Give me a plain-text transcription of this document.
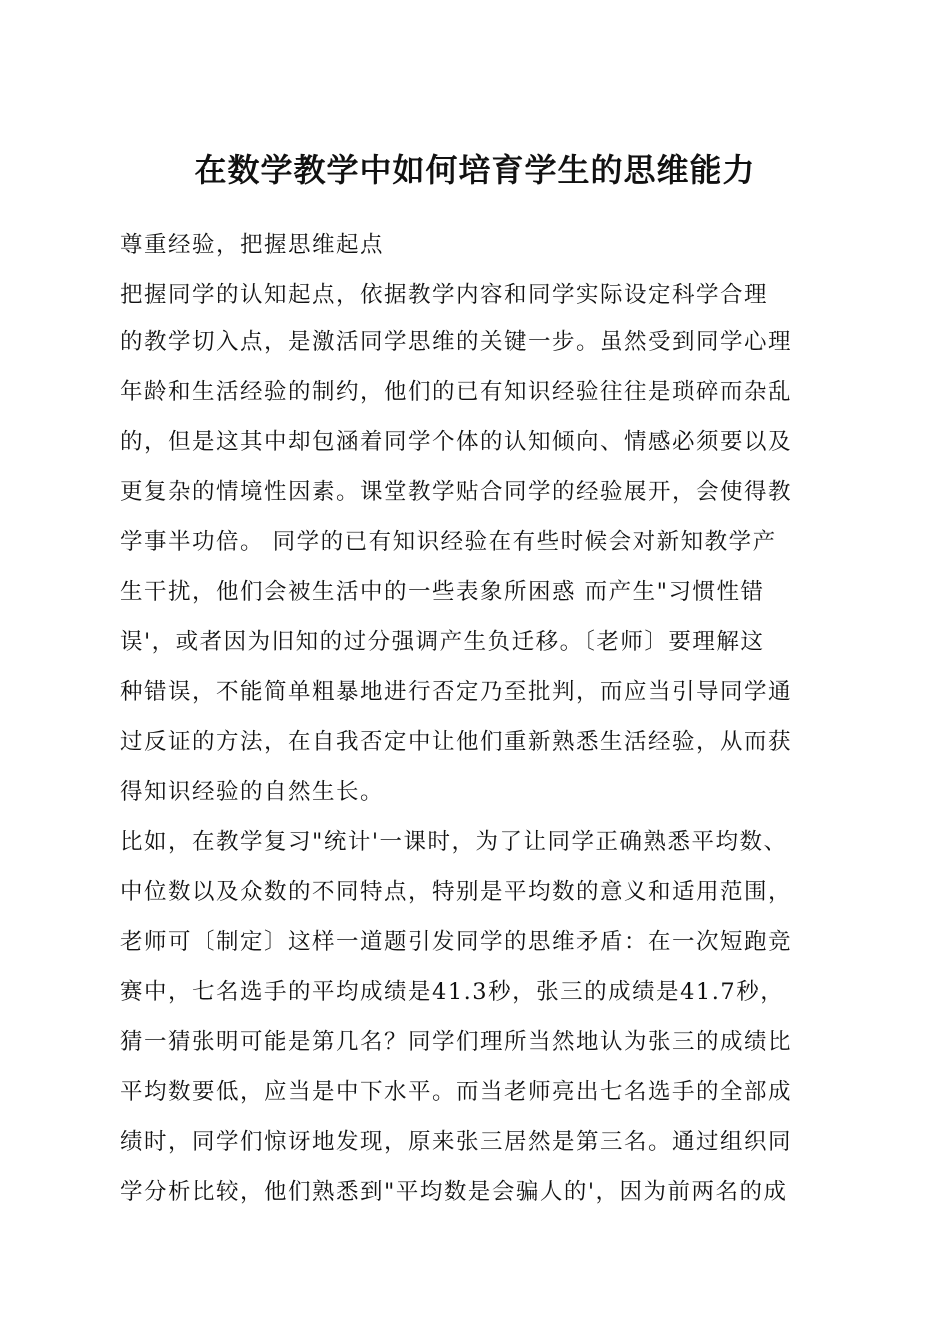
在数学教学中如何培育学生的思维能力
尊重经验，把握思维起点
把握同学的认知起点，依据教学内容和同学实际设定科学合理
的教学切入点，是激活同学思维的关键一步。虽然受到同学心理
年龄和生活经验的制约，他们的已有知识经验往往是琐碎而杂乱
的，但是这其中却包涵着同学个体的认知倾向、情感必须要以及
更复杂的情境性因素。课堂教学贴合同学的经验展开，会使得教
学事半功倍。 同学的已有知识经验在有些时候会对新知教学产
生干扰，他们会被生活中的一些表象所困惑 而产生"习惯性错
误'，或者因为旧知的过分强调产生负迁移。〔老师〕要理解这
种错误，不能简单粗暴地进行否定乃至批判，而应当引导同学通
过反证的方法，在自我否定中让他们重新熟悉生活经验，从而获
得知识经验的自然生长。
比如，在教学复习"统计'一课时，为了让同学正确熟悉平均数、
中位数以及众数的不同特点，特别是平均数的意义和适用范围，
老师可〔制定〕这样一道题引发同学的思维矛盾：在一次短跑竞
赛中，七名选手的平均成绩是41.3秒，张三的成绩是41.7秒，
猜一猜张明可能是第几名？同学们理所当然地认为张三的成绩比
平均数要低，应当是中下水平。而当老师亮出七名选手的全部成
绩时，同学们惊讶地发现，原来张三居然是第三名。通过组织同
学分析比较，他们熟悉到"平均数是会骗人的'，因为前两名的成
